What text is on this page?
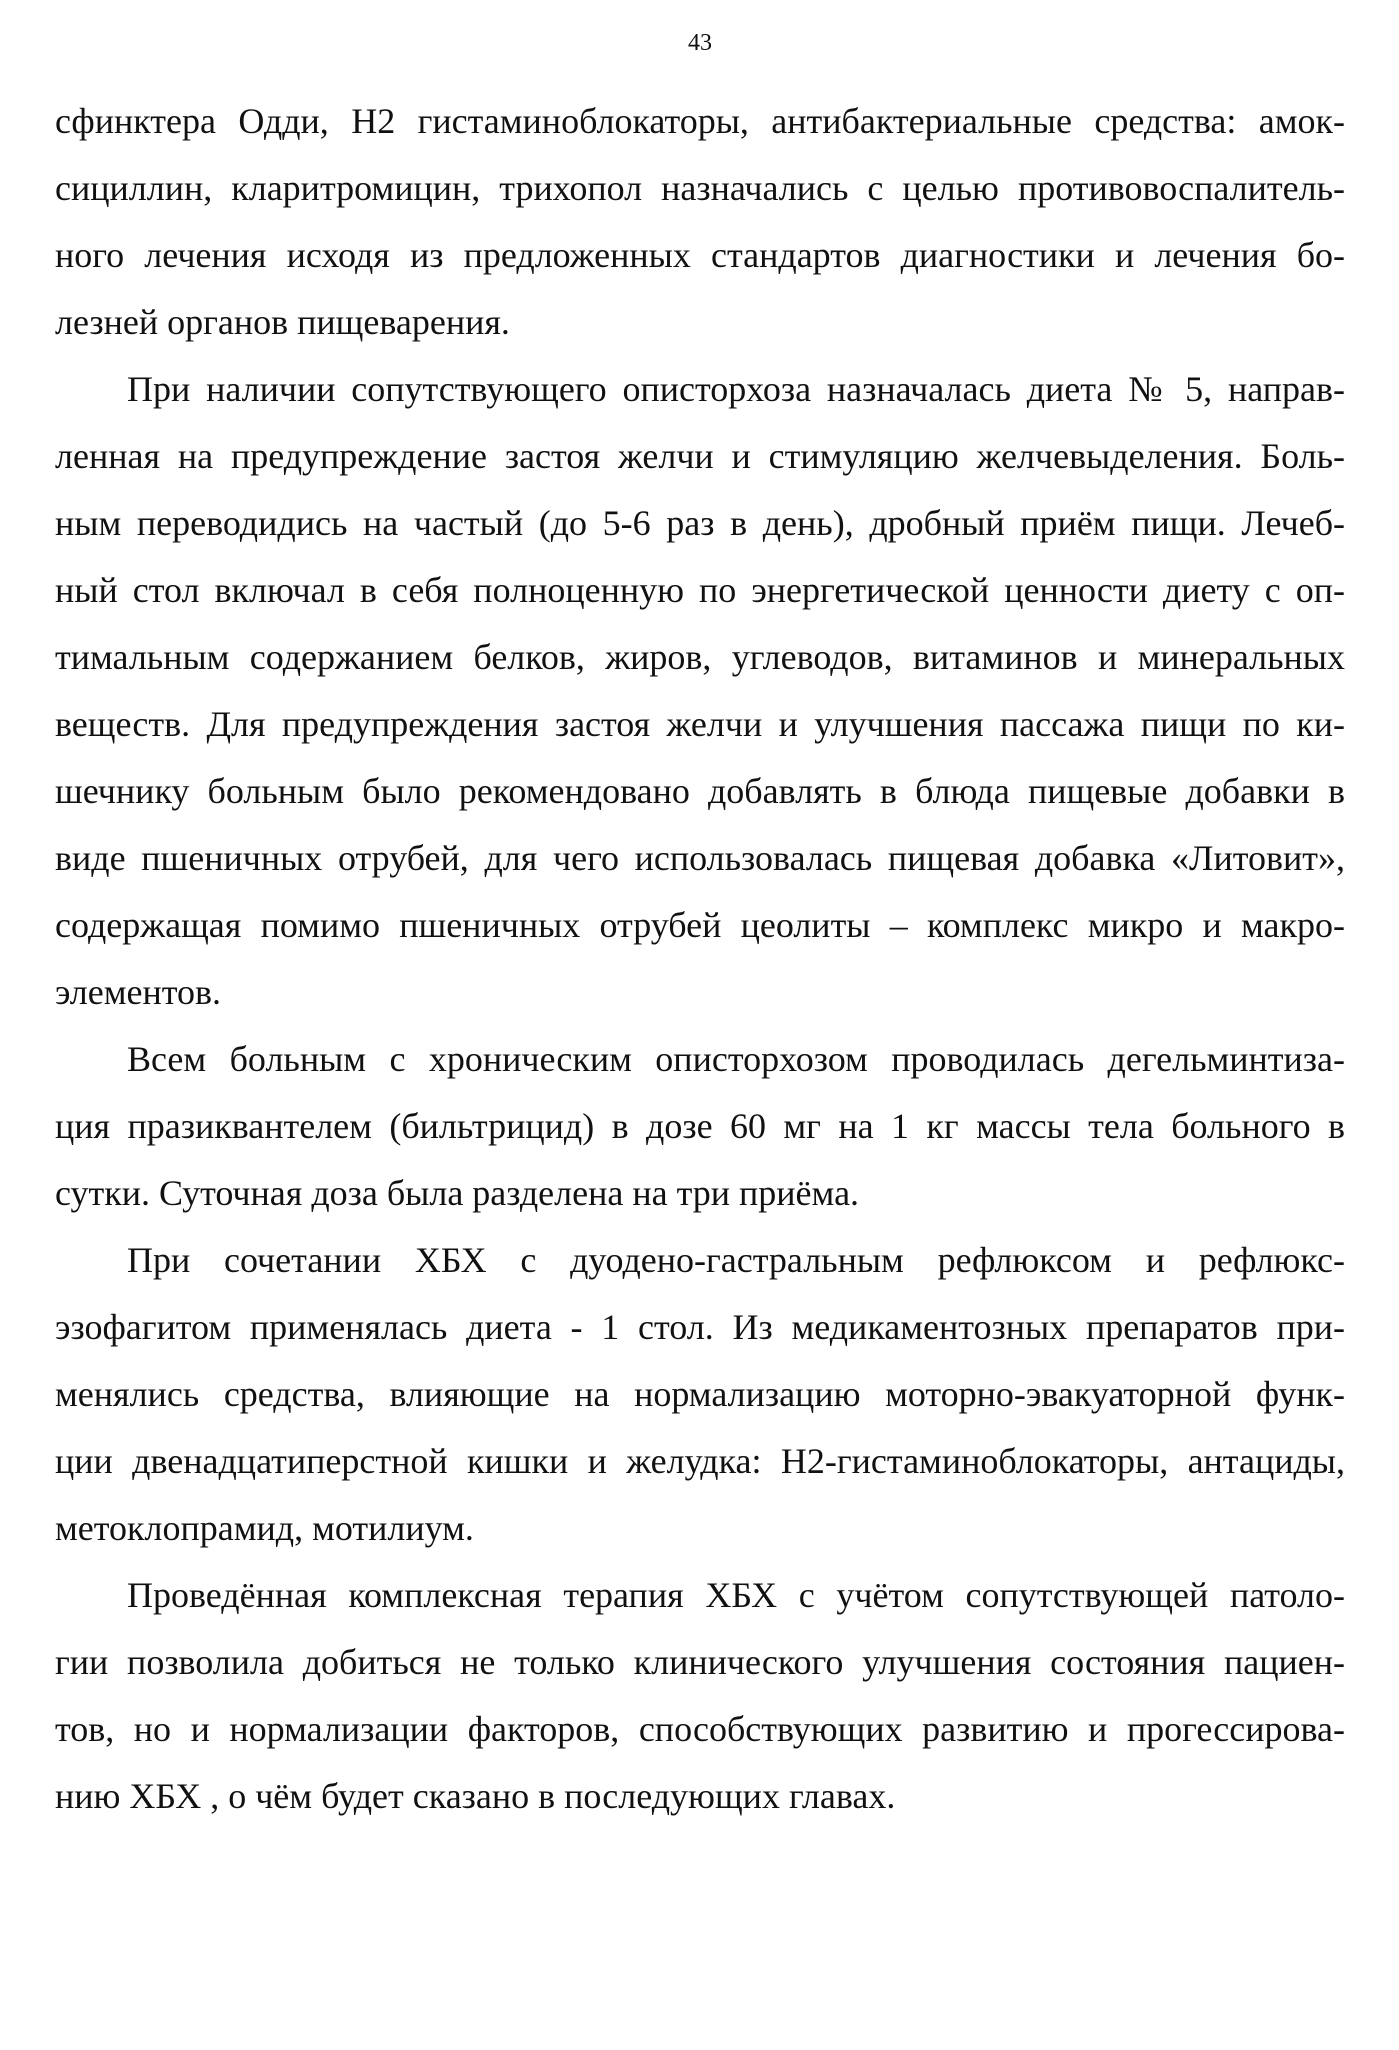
43
сфинктера Одди, Н2 гистаминоблокаторы, антибактериальные средства: амок-
сициллин, кларитромицин, трихопол назначались с целью противовоспалитель-
ного лечения исходя из предложенных стандартов диагностики и лечения бо-
лезней органов пищеварения.
При наличии сопутствующего описторхоза назначалась диета № 5, направ-
ленная на предупреждение застоя желчи и стимуляцию желчевыделения. Боль-
ным переводидись на частый (до 5-6 раз в день), дробный приём пищи. Лечеб-
ный стол включал в себя полноценную по энергетической ценности диету с оп-
тимальным содержанием белков, жиров, углеводов, витаминов и минеральных
веществ. Для предупреждения застоя желчи и улучшения пассажа пищи по ки-
шечнику больным было рекомендовано добавлять в блюда пищевые добавки в
виде пшеничных отрубей, для чего использовалась пищевая добавка «Литовит»,
содержащая помимо пшеничных отрубей цеолиты – комплекс микро и макро-
элементов.
Всем больным с хроническим описторхозом проводилась дегельминтиза-
ция празиквантелем (бильтрицид) в дозе 60 мг на 1 кг массы тела больного в
сутки. Суточная доза была разделена на три приёма.
При сочетании ХБХ с дуодено-гастральным рефлюксом и рефлюкс-
эзофагитом применялась диета - 1 стол. Из медикаментозных препаратов при-
менялись средства, влияющие на нормализацию моторно-эвакуаторной функ-
ции двенадцатиперстной кишки и желудка: Н2-гистаминоблокаторы, антациды,
метоклопрамид, мотилиум.
Проведённая комплексная терапия ХБХ с учётом сопутствующей патоло-
гии позволила добиться не только клинического улучшения состояния пациен-
тов, но и нормализации факторов, способствующих развитию и прогессирова-
нию ХБХ , о чём будет сказано в последующих главах.
